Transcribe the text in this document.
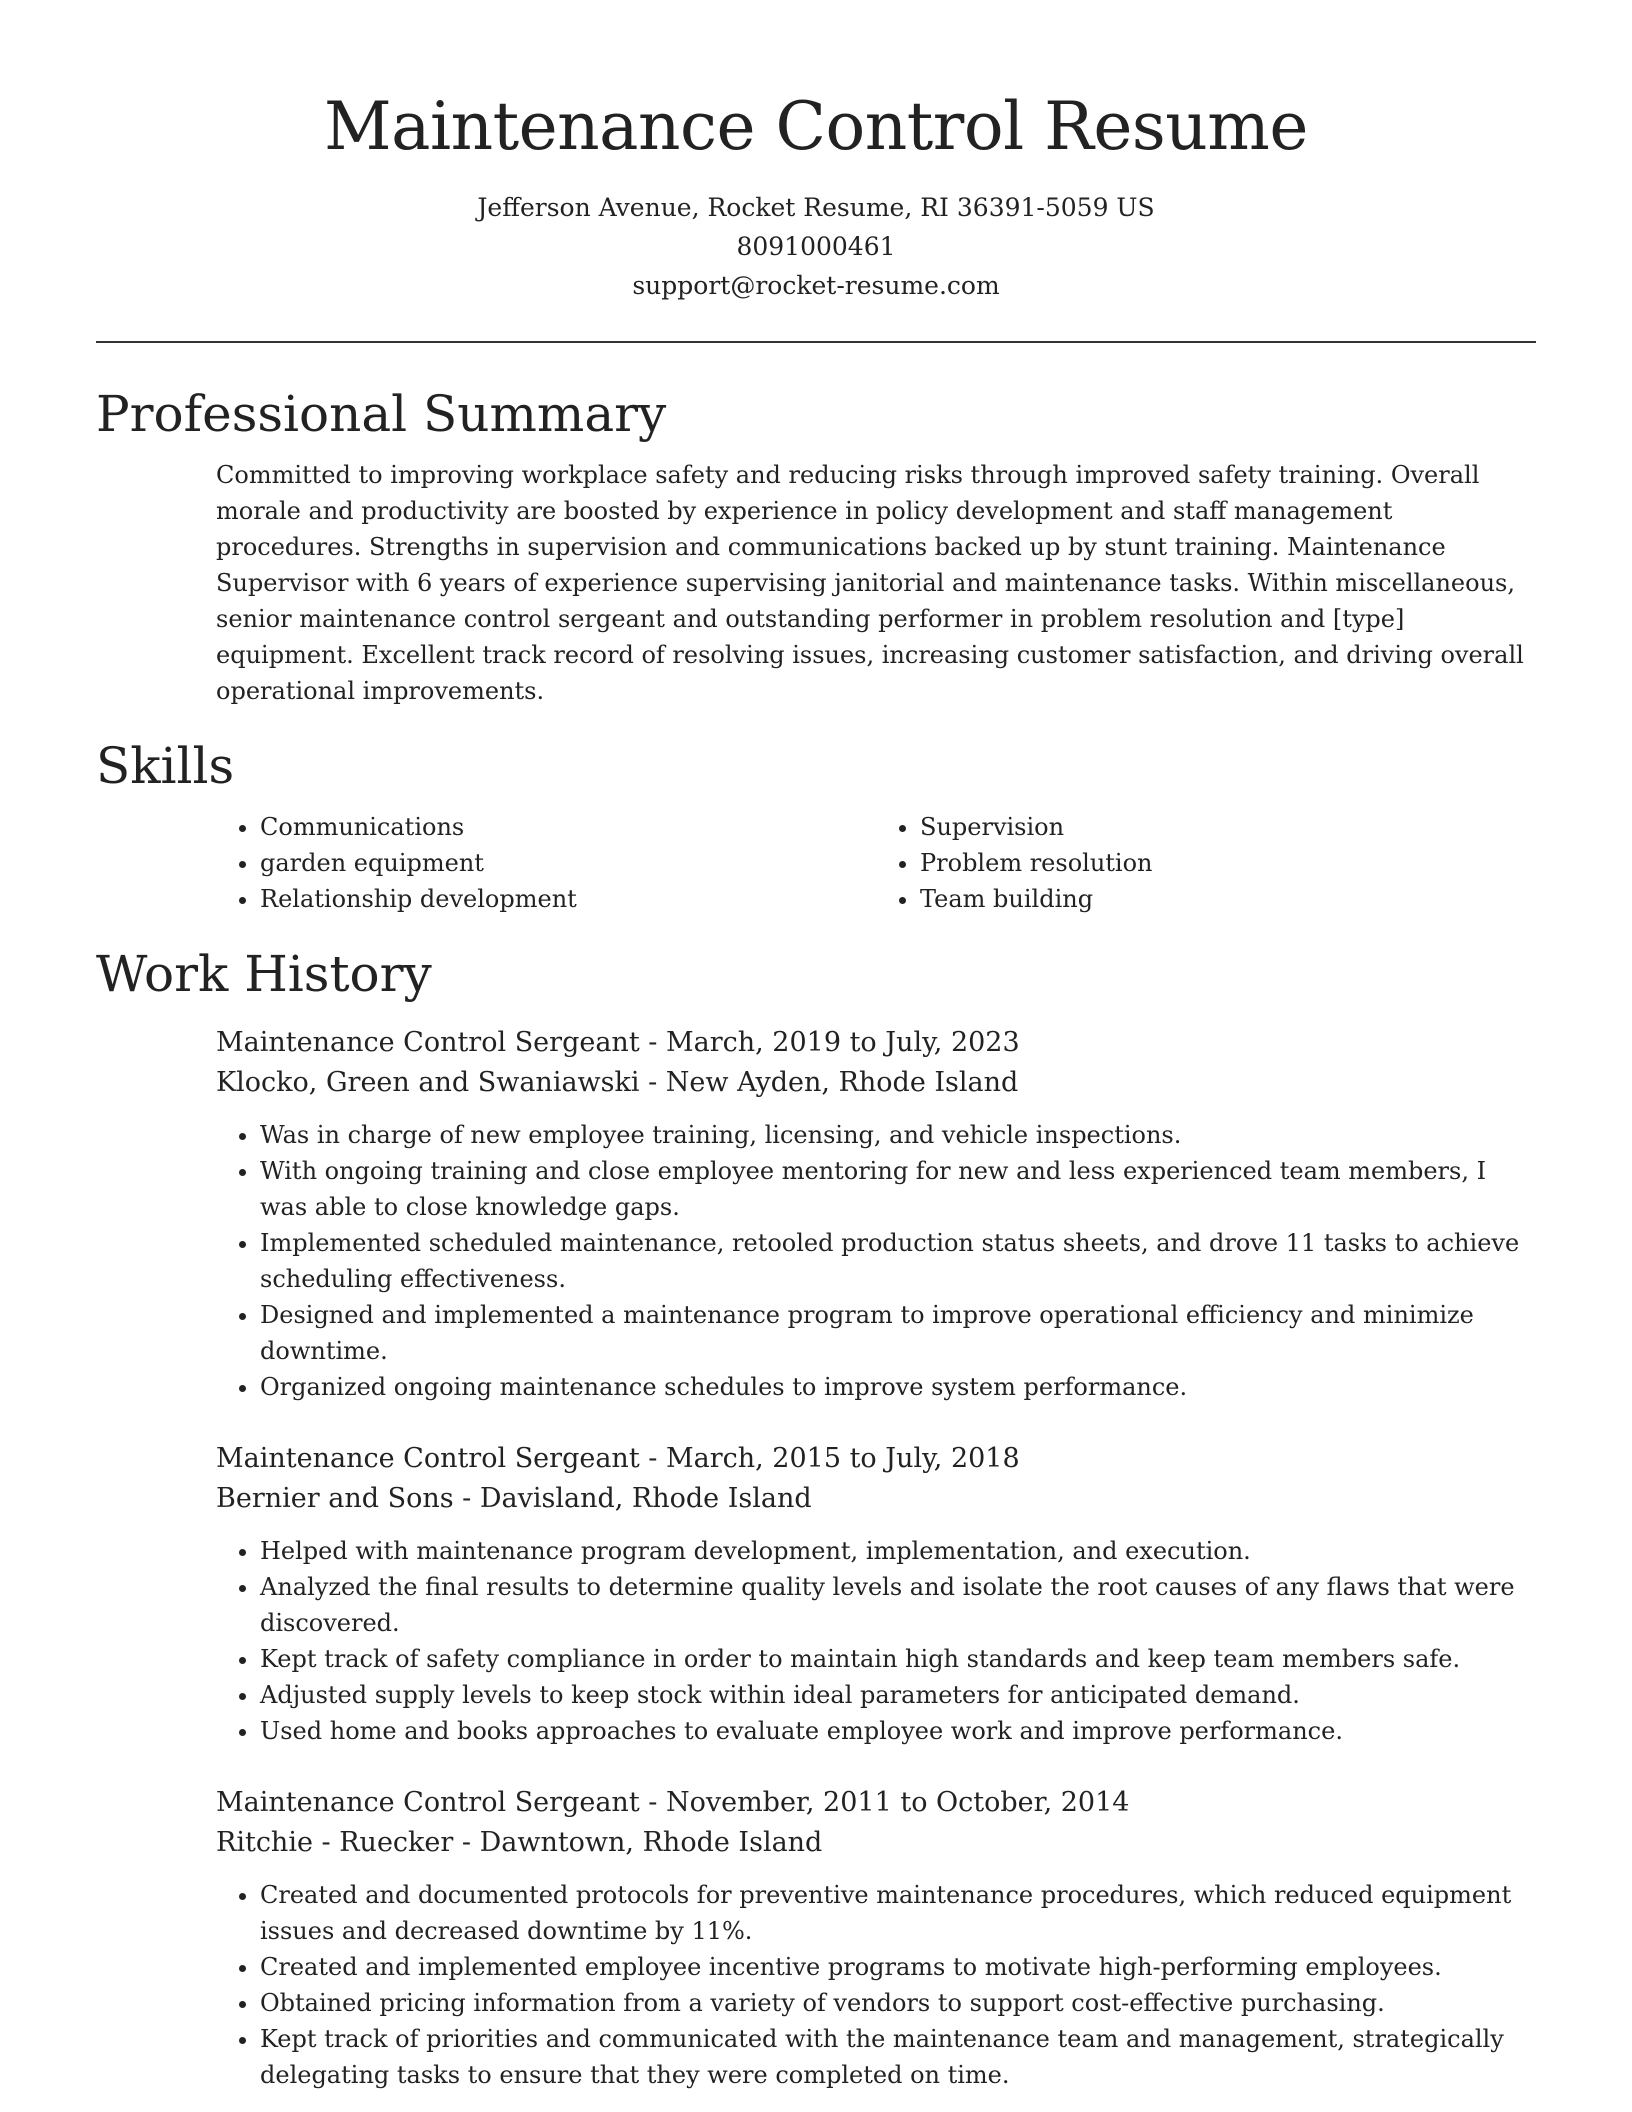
Maintenance Control Resume
Jefferson Avenue, Rocket Resume, RI 36391-5059 US
8091000461
support@rocket-resume.com
Professional Summary
Committed to improving workplace safety and reducing risks through improved safety training. Overall morale and productivity are boosted by experience in policy development and staff management procedures. Strengths in supervision and communications backed up by stunt training. Maintenance Supervisor with 6 years of experience supervising janitorial and maintenance tasks. Within miscellaneous, senior maintenance control sergeant and outstanding performer in problem resolution and [type] equipment. Excellent track record of resolving issues, increasing customer satisfaction, and driving overall operational improvements.
Skills
• Communications
• garden equipment
• Relationship development
• Supervision
• Problem resolution
• Team building
Work History
Maintenance Control Sergeant - March, 2019 to July, 2023
Klocko, Green and Swaniawski - New Ayden, Rhode Island
• Was in charge of new employee training, licensing, and vehicle inspections.
• With ongoing training and close employee mentoring for new and less experienced team members, I was able to close knowledge gaps.
• Implemented scheduled maintenance, retooled production status sheets, and drove 11 tasks to achieve scheduling effectiveness.
• Designed and implemented a maintenance program to improve operational efficiency and minimize downtime.
• Organized ongoing maintenance schedules to improve system performance.
Maintenance Control Sergeant - March, 2015 to July, 2018
Bernier and Sons - Davisland, Rhode Island
• Helped with maintenance program development, implementation, and execution.
• Analyzed the final results to determine quality levels and isolate the root causes of any flaws that were discovered.
• Kept track of safety compliance in order to maintain high standards and keep team members safe.
• Adjusted supply levels to keep stock within ideal parameters for anticipated demand.
• Used home and books approaches to evaluate employee work and improve performance.
Maintenance Control Sergeant - November, 2011 to October, 2014
Ritchie - Ruecker - Dawntown, Rhode Island
• Created and documented protocols for preventive maintenance procedures, which reduced equipment issues and decreased downtime by 11%.
• Created and implemented employee incentive programs to motivate high-performing employees.
• Obtained pricing information from a variety of vendors to support cost-effective purchasing.
• Kept track of priorities and communicated with the maintenance team and management, strategically delegating tasks to ensure that they were completed on time.
